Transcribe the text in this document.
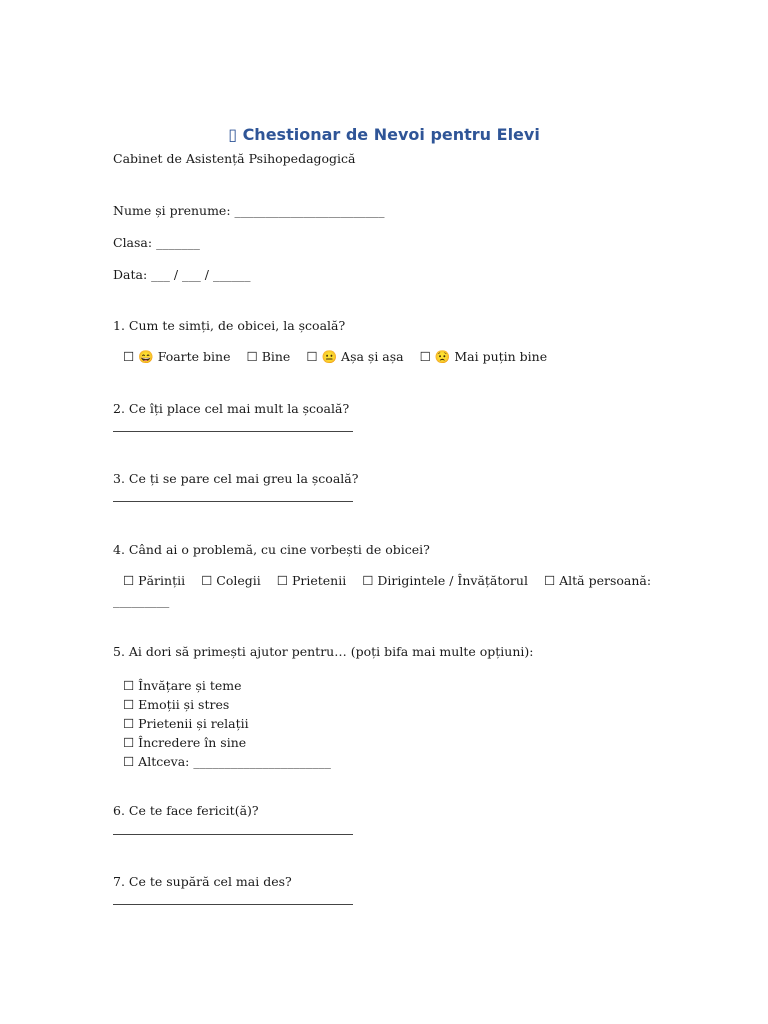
▯ Chestionar de Nevoi pentru Elevi
Cabinet de Asistență Psihopedagogică
Nume și prenume: ________________________
Clasa: _______
Data: ___ / ___ / ______
1. Cum te simți, de obicei, la școală?
☐ 😄 Foarte bine ☐ Bine ☐ 😐 Așa și așa ☐ 😟 Mai puțin bine
2. Ce îți place cel mai mult la școală?
3. Ce ți se pare cel mai greu la școală?
4. Când ai o problemă, cu cine vorbești de obicei?
☐ Părinții ☐ Colegii ☐ Prietenii ☐ Dirigintele / Învățătorul ☐ Altă persoană:
_________
5. Ai dori să primești ajutor pentru… (poți bifa mai multe opțiuni):
☐ Învățare și teme
☐ Emoții și stres
☐ Prietenii și relații
☐ Încredere în sine
☐ Altceva: ______________________
6. Ce te face fericit(ă)?
7. Ce te supără cel mai des?
